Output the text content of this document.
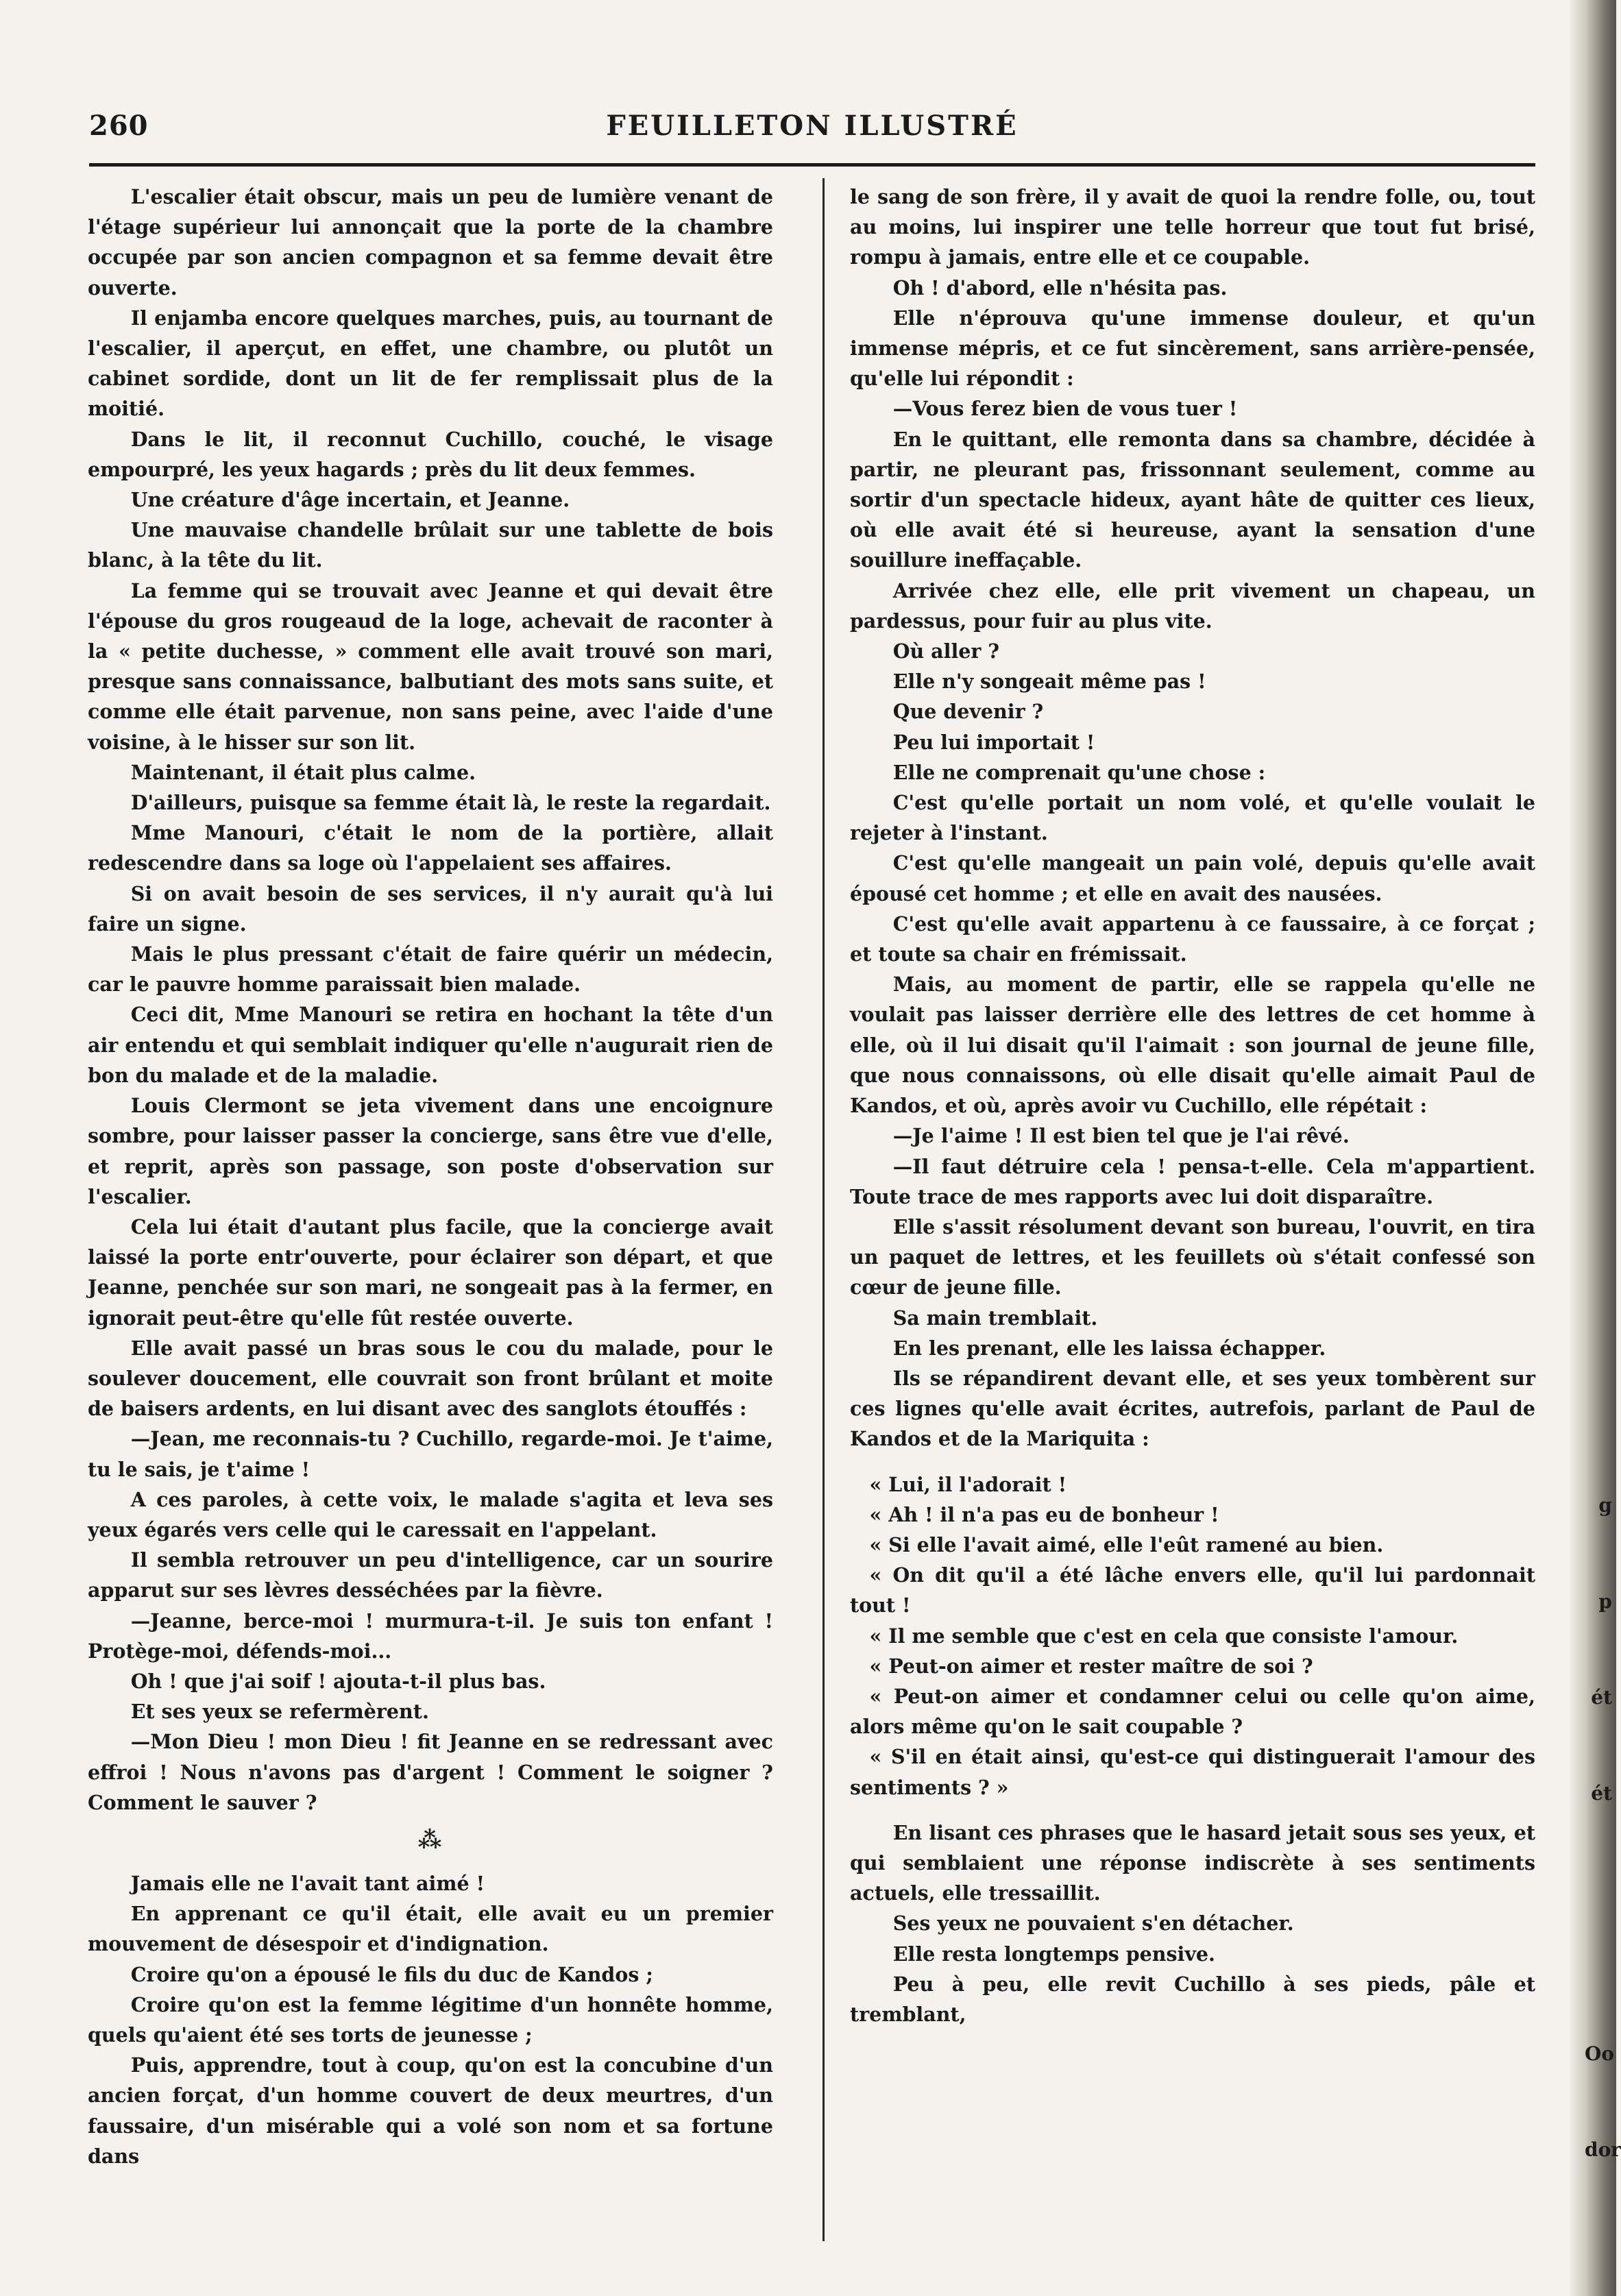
260	FEUILLETON ILLUSTRÉ

L'escalier était obscur, mais un peu de lumière venant de l'étage supérieur lui annonçait que la porte de la chambre occupée par son ancien compagnon et sa femme devait être ouverte.

Il enjamba encore quelques marches, puis, au tournant de l'escalier, il aperçut, en effet, une chambre, ou plutôt un cabinet sordide, dont un lit de fer remplissait plus de la moitié.

Dans le lit, il reconnut Cuchillo, couché, le visage empourpré, les yeux hagards ; près du lit deux femmes.

Une créature d'âge incertain, et Jeanne.

Une mauvaise chandelle brûlait sur une tablette de bois blanc, à la tête du lit.

La femme qui se trouvait avec Jeanne et qui devait être l'épouse du gros rougeaud de la loge, achevait de raconter à la « petite duchesse, » comment elle avait trouvé son mari, presque sans connaissance, balbutiant des mots sans suite, et comme elle était parvenue, non sans peine, avec l'aide d'une voisine, à le hisser sur son lit.

Maintenant, il était plus calme.

D'ailleurs, puisque sa femme était là, le reste la regardait.

Mme Manouri, c'était le nom de la portière, allait redescendre dans sa loge où l'appelaient ses affaires.

Si on avait besoin de ses services, il n'y aurait qu'à lui faire un signe.

Mais le plus pressant c'était de faire quérir un médecin, car le pauvre homme paraissait bien malade.

Ceci dit, Mme Manouri se retira en hochant la tête d'un air entendu et qui semblait indiquer qu'elle n'augurait rien de bon du malade et de la maladie.

Louis Clermont se jeta vivement dans une encoignure sombre, pour laisser passer la concierge, sans être vue d'elle, et reprit, après son passage, son poste d'observation sur l'escalier.

Cela lui était d'autant plus facile, que la concierge avait laissé la porte entr'ouverte, pour éclairer son départ, et que Jeanne, penchée sur son mari, ne songeait pas à la fermer, en ignorait peut-être qu'elle fût restée ouverte.

Elle avait passé un bras sous le cou du malade, pour le soulever doucement, elle couvrait son front brûlant et moite de baisers ardents, en lui disant avec des sanglots étouffés :

—Jean, me reconnais-tu ? Cuchillo, regarde-moi. Je t'aime, tu le sais, je t'aime !

A ces paroles, à cette voix, le malade s'agita et leva ses yeux égarés vers celle qui le caressait en l'appelant.

Il sembla retrouver un peu d'intelligence, car un sourire apparut sur ses lèvres desséchées par la fièvre.

—Jeanne, berce-moi ! murmura-t-il. Je suis ton enfant ! Protège-moi, défends-moi...

Oh ! que j'ai soif ! ajouta-t-il plus bas.

Et ses yeux se refermèrent.

—Mon Dieu ! mon Dieu ! fit Jeanne en se redressant avec effroi ! Nous n'avons pas d'argent ! Comment le soigner ? Comment le sauver ?

⁂

Jamais elle ne l'avait tant aimé !

En apprenant ce qu'il était, elle avait eu un premier mouvement de désespoir et d'indignation.

Croire qu'on a épousé le fils du duc de Kandos ;

Croire qu'on est la femme légitime d'un honnête homme, quels qu'aient été ses torts de jeunesse ;

Puis, apprendre, tout à coup, qu'on est la concubine d'un ancien forçat, d'un homme couvert de deux meurtres, d'un faussaire, d'un misérable qui a volé son nom et sa fortune dans

le sang de son frère, il y avait de quoi la rendre folle, ou, tout au moins, lui inspirer une telle horreur que tout fut brisé, rompu à jamais, entre elle et ce coupable.

Oh ! d'abord, elle n'hésita pas.

Elle n'éprouva qu'une immense douleur, et qu'un immense mépris, et ce fut sincèrement, sans arrière-pensée, qu'elle lui répondit :

—Vous ferez bien de vous tuer !

En le quittant, elle remonta dans sa chambre, décidée à partir, ne pleurant pas, frissonnant seulement, comme au sortir d'un spectacle hideux, ayant hâte de quitter ces lieux, où elle avait été si heureuse, ayant la sensation d'une souillure ineffaçable.

Arrivée chez elle, elle prit vivement un chapeau, un pardessus, pour fuir au plus vite.

Où aller ?

Elle n'y songeait même pas !

Que devenir ?

Peu lui importait !

Elle ne comprenait qu'une chose :

C'est qu'elle portait un nom volé, et qu'elle voulait le rejeter à l'instant.

C'est qu'elle mangeait un pain volé, depuis qu'elle avait épousé cet homme ; et elle en avait des nausées.

C'est qu'elle avait appartenu à ce faussaire, à ce forçat ; et toute sa chair en frémissait.

Mais, au moment de partir, elle se rappela qu'elle ne voulait pas laisser derrière elle des lettres de cet homme à elle, où il lui disait qu'il l'aimait : son journal de jeune fille, que nous connaissons, où elle disait qu'elle aimait Paul de Kandos, et où, après avoir vu Cuchillo, elle répétait :

—Je l'aime ! Il est bien tel que je l'ai rêvé.

—Il faut détruire cela ! pensa-t-elle. Cela m'appartient. Toute trace de mes rapports avec lui doit disparaître.

Elle s'assit résolument devant son bureau, l'ouvrit, en tira un paquet de lettres, et les feuillets où s'était confessé son cœur de jeune fille.

Sa main tremblait.

En les prenant, elle les laissa échapper.

Ils se répandirent devant elle, et ses yeux tombèrent sur ces lignes qu'elle avait écrites, autrefois, parlant de Paul de Kandos et de la Mariquita :

« Lui, il l'adorait !

« Ah ! il n'a pas eu de bonheur !

« Si elle l'avait aimé, elle l'eût ramené au bien.

« On dit qu'il a été lâche envers elle, qu'il lui pardonnait tout !

« Il me semble que c'est en cela que consiste l'amour.

« Peut-on aimer et rester maître de soi ?

« Peut-on aimer et condamner celui ou celle qu'on aime, alors même qu'on le sait coupable ?

« S'il en était ainsi, qu'est-ce qui distinguerait l'amour des sentiments ? »

En lisant ces phrases que le hasard jetait sous ses yeux, et qui semblaient une réponse indiscrète à ses sentiments actuels, elle tressaillit.

Ses yeux ne pouvaient s'en détacher.

Elle resta longtemps pensive.

Peu à peu, elle revit Cuchillo à ses pieds, pâle et tremblant,

g
p
ét
ét
Oo
dor
